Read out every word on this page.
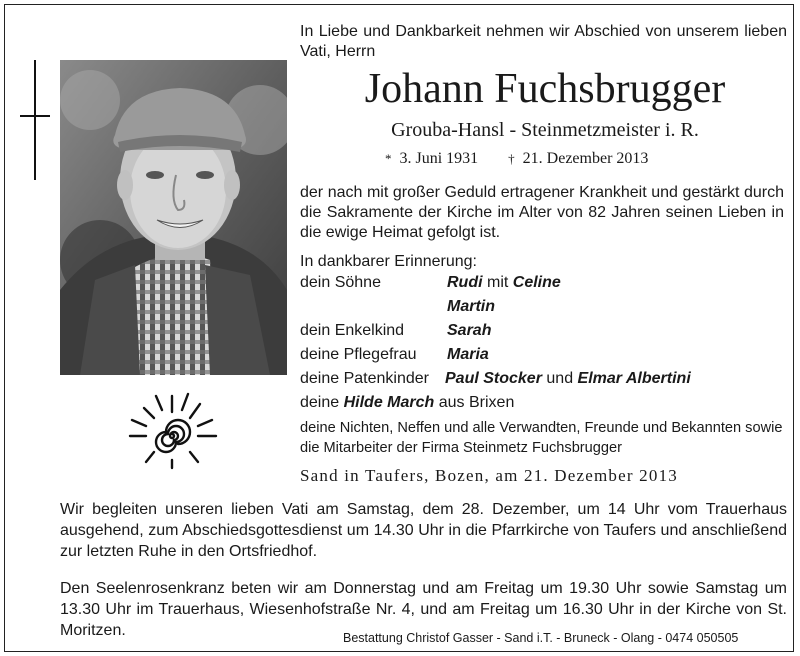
In Liebe und Dankbarkeit nehmen wir Abschied von unserem lieben Vati, Herrn
Johann Fuchsbrugger
Grouba-Hansl - Steinmetzmeister i. R.
* 3. Juni 1931 † 21. Dezember 2013
der nach mit großer Geduld ertragener Krankheit und gestärkt durch die Sakramente der Kirche im Alter von 82 Jahren seinen Lieben in die ewige Heimat gefolgt ist.
In dankbarer Erinnerung:
dein Söhne	Rudi mit Celine
Martin
dein Enkelkind	Sarah
deine Pflegefrau Maria
deine Patenkinder Paul Stocker und Elmar Albertini
deine Hilde March aus Brixen
deine Nichten, Neffen und alle Verwandten, Freunde und Bekannten sowie die Mitarbeiter der Firma Steinmetz Fuchsbrugger
Sand in Taufers, Bozen, am 21. Dezember 2013
Wir begleiten unseren lieben Vati am Samstag, dem 28. Dezember, um 14 Uhr vom Trauerhaus ausgehend, zum Abschiedsgottesdienst um 14.30 Uhr in die Pfarrkirche von Taufers und anschließend zur letzten Ruhe in den Ortsfriedhof.
Den Seelenrosenkranz beten wir am Donnerstag und am Freitag um 19.30 Uhr sowie Samstag um 13.30 Uhr im Trauerhaus, Wiesenhofstraße Nr. 4, und am Freitag um 16.30 Uhr in der Kirche von St. Moritzen.	Bestattung Christof Gasser - Sand i.T. - Bruneck - Olang - 0474 050505
